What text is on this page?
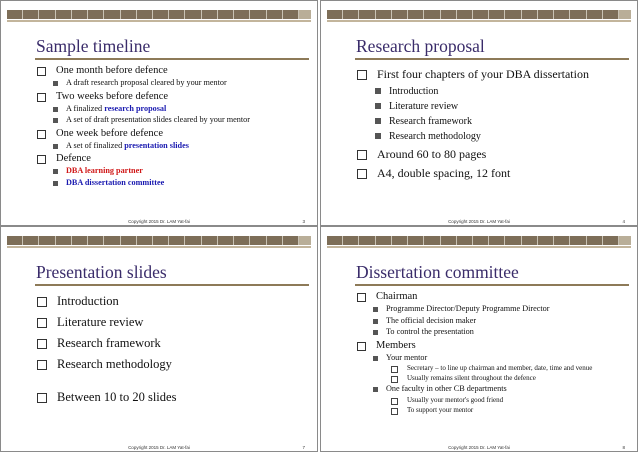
Sample timeline
One month before defence
A draft research proposal cleared by your mentor
Two weeks before defence
A finalized research proposal
A set of draft presentation slides cleared by your mentor
One week before defence
A set of finalized presentation slides
Defence
DBA learning partner
DBA dissertation committee
Copyright 2015 Dr. LAM Yat-fai	3
Research proposal
First four chapters of your DBA dissertation
Introduction
Literature review
Research framework
Research methodology
Around 60 to 80 pages
A4, double spacing, 12 font
Copyright 2015 Dr. LAM Yat-fai	4
Presentation slides
Introduction
Literature review
Research framework
Research methodology
Between 10 to 20 slides
Copyright 2015 Dr. LAM Yat-fai	7
Dissertation committee
Chairman
Programme Director/Deputy Programme Director
The official decision maker
To control the presentation
Members
Your mentor
Secretary – to line up chairman and member, date, time and venue
Usually remains silent throughout the defence
One faculty in other CB departments
Usually your mentor's good friend
To support your mentor
Copyright 2015 Dr. LAM Yat-fai	8
